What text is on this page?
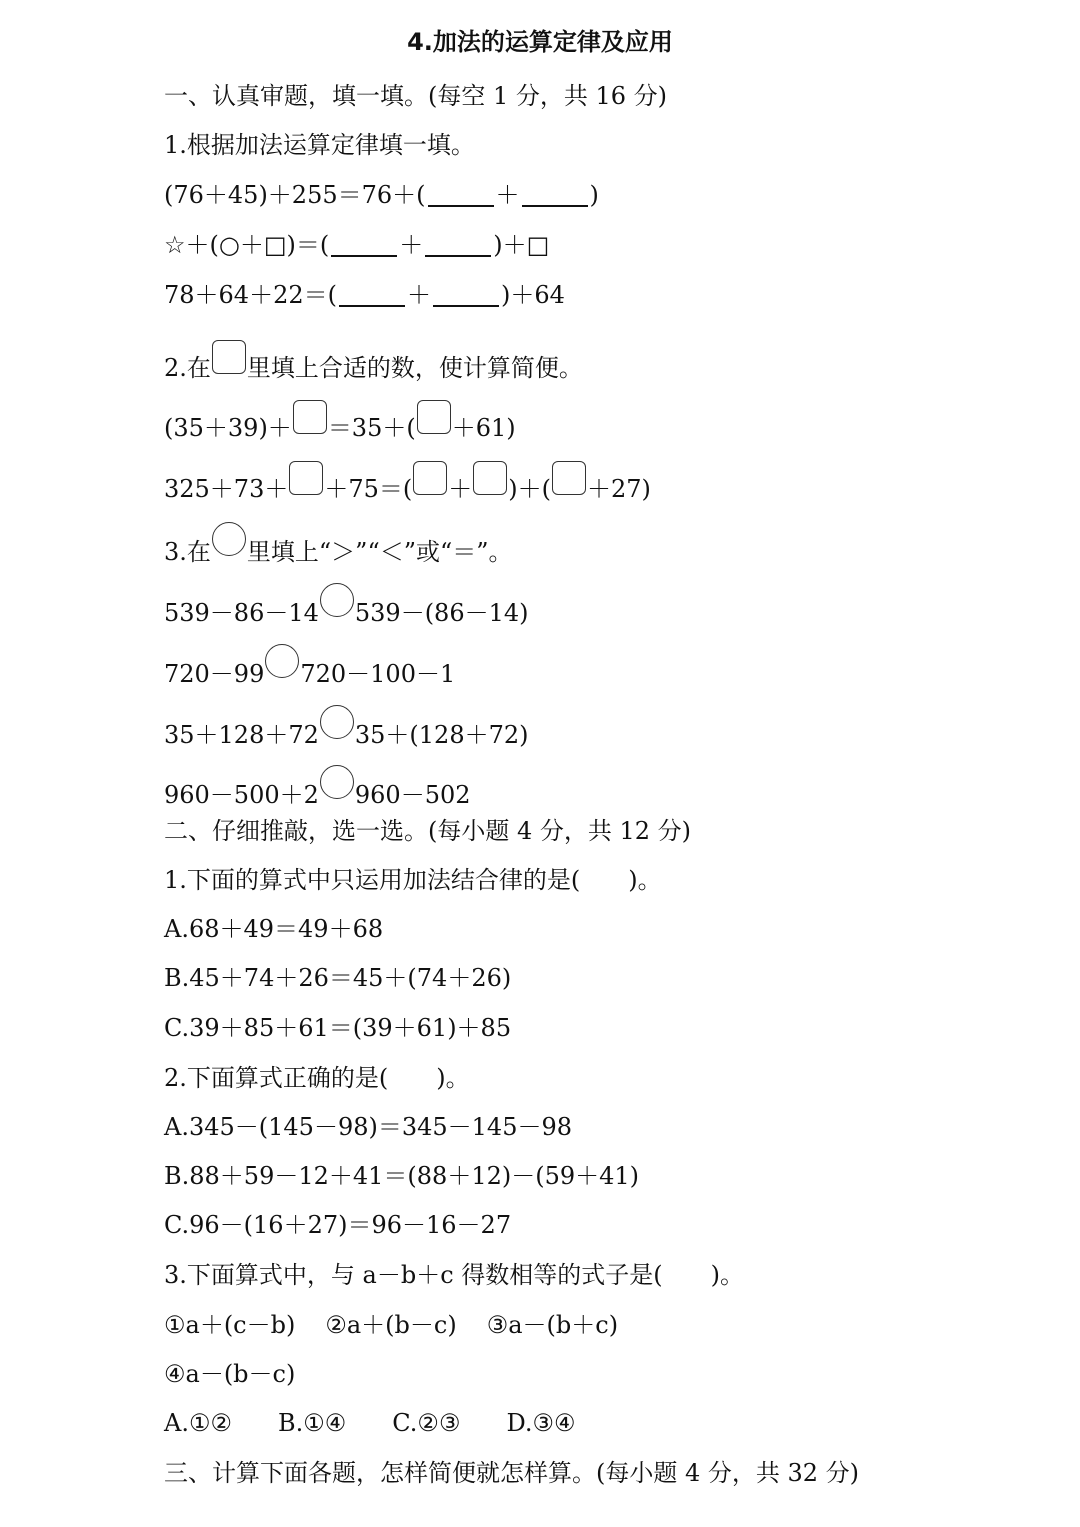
4.加法的运算定律及应用
一、认真审题，填一填。(每空 1 分，共 16 分)
1.根据加法运算定律填一填。
(76＋45)＋255＝76＋(	＋	)
☆＋(○＋□)＝(	＋	)＋□
78＋64＋22＝(	＋	)＋64
2.在 里填上合适的数，使计算简便。
(35＋39)＋ ＝35＋( ＋61)
325＋73＋ ＋75＝( ＋ )＋( ＋27)
3.在 里填上“＞”“＜”或“＝”。
539－86－14 539－(86－14)
720－99 720－100－1
35＋128＋72 35＋(128＋72)
960－500＋2 960－502
二、仔细推敲，选一选。(每小题 4 分，共 12 分)
1.下面的算式中只运用加法结合律的是(　　)。
A.68＋49＝49＋68
B.45＋74＋26＝45＋(74＋26)
C.39＋85＋61＝(39＋61)＋85
2.下面算式正确的是(　　)。
A.345－(145－98)＝345－145－98
B.88＋59－12＋41＝(88＋12)－(59＋41)
C.96－(16＋27)＝96－16－27
3.下面算式中，与 a－b＋c 得数相等的式子是(　　)。
①a＋(c－b) ②a＋(b－c) ③a－(b＋c)
④a－(b－c)
A.①② B.①④ C.②③ D.③④
三、计算下面各题，怎样简便就怎样算。(每小题 4 分，共 32 分)
